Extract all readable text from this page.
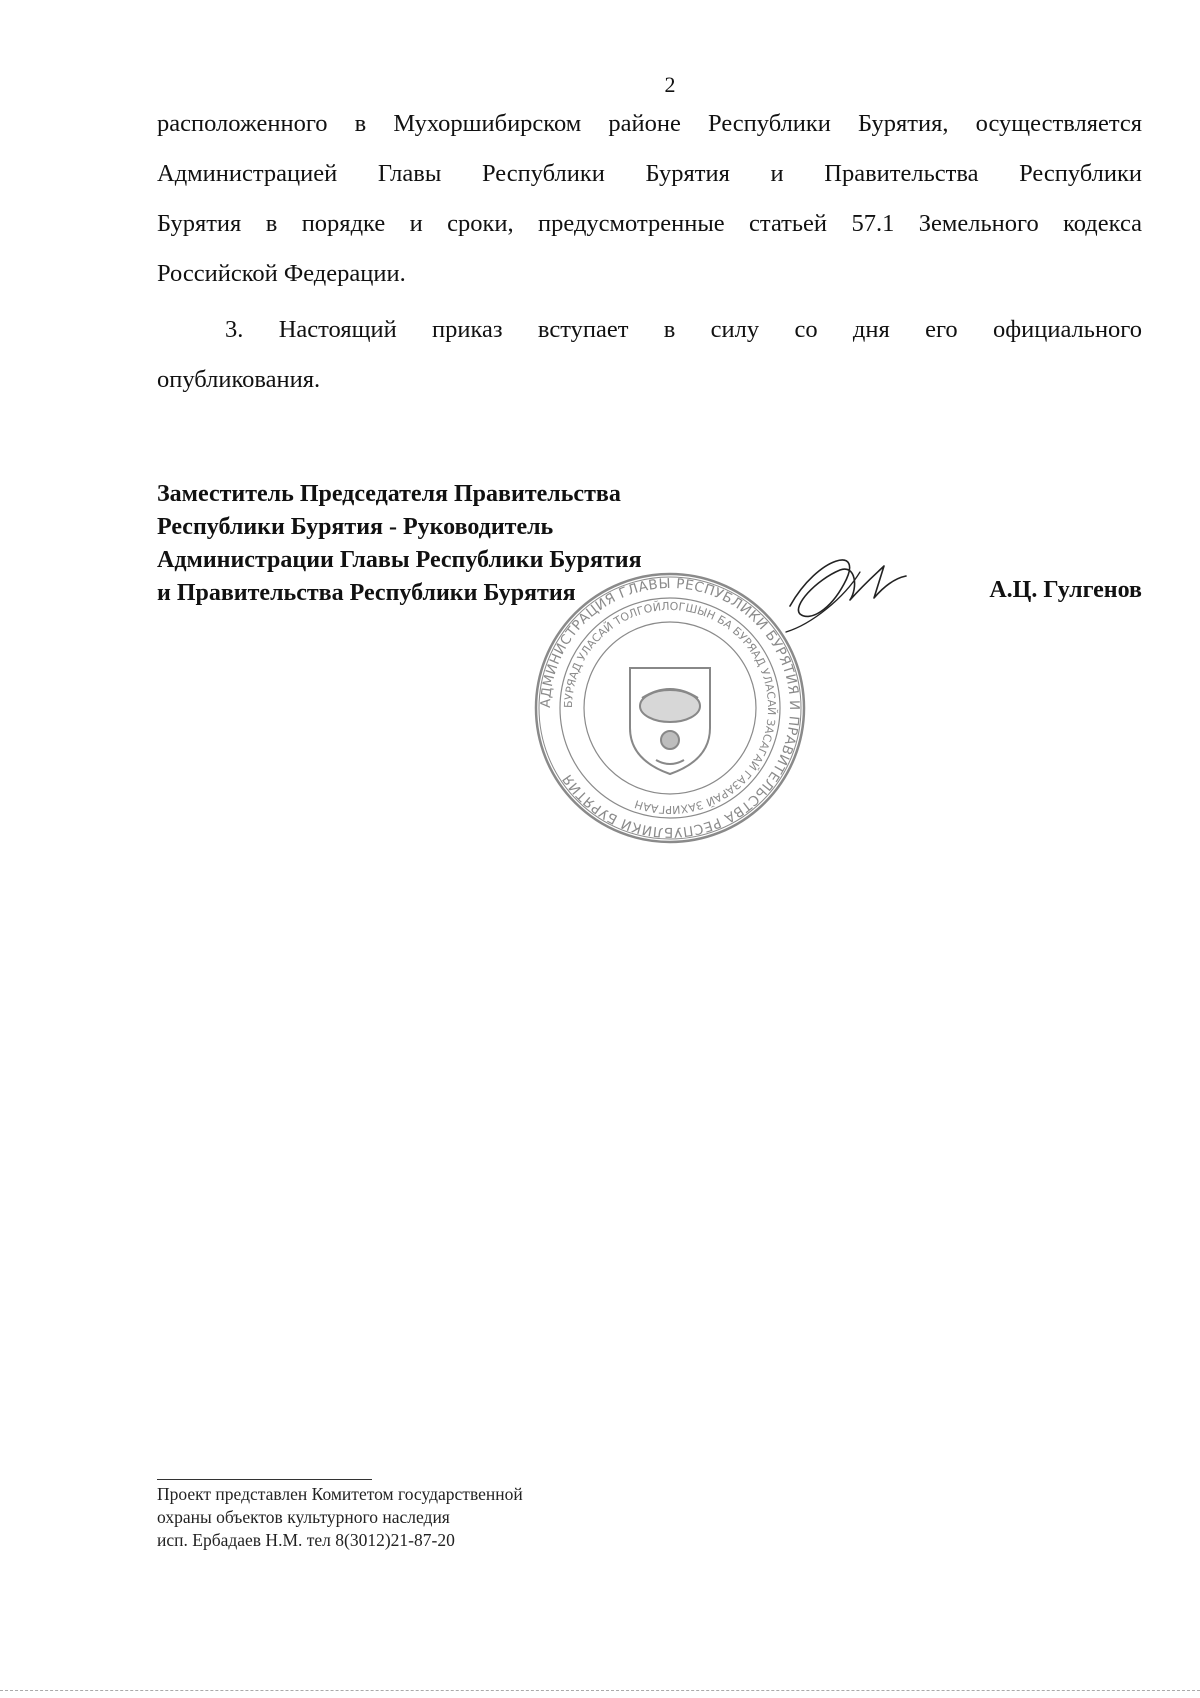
2
расположенного в Мухоршибирском районе Республики Бурятия, осуществляется
Администрацией Главы Республики Бурятия и Правительства Республики
Бурятия в порядке и сроки, предусмотренные статьей 57.1 Земельного кодекса
Российской Федерации.
3. Настоящий приказ вступает в силу со дня его официального
опубликования.
Заместитель Председателя Правительства
Республики Бурятия - Руководитель
Администрации Главы Республики Бурятия
и Правительства Республики Бурятия	А.Ц. Гулгенов
АДМИНИСТРАЦИЯ ГЛАВЫ РЕСПУБЛИКИ БУРЯТИЯ И ПРАВИТЕЛЬСТВА РЕСПУБЛИКИ БУРЯТИЯ
БУРЯАД УЛАСАЙ ТОЛГОЙЛОГШЫН БА БУРЯАД УЛАСАЙ ЗАСАГАЙ ГАЗАРАЙ ЗАХИРГААН
Проект представлен Комитетом государственной
охраны объектов культурного наследия
исп. Ербадаев Н.М. тел 8(3012)21-87-20
